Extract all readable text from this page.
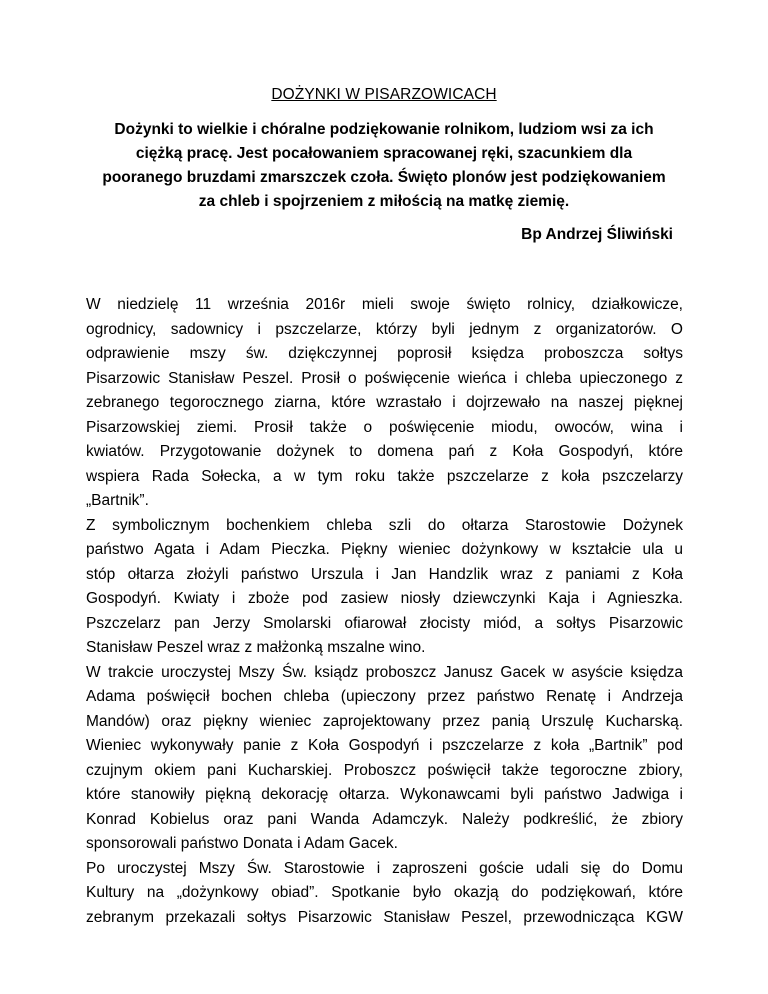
DOŻYNKI W PISARZOWICACH
Dożynki to wielkie i chóralne podziękowanie rolnikom, ludziom wsi za ich
ciężką pracę. Jest pocałowaniem spracowanej ręki, szacunkiem dla
pooranego bruzdami zmarszczek czoła. Święto plonów jest podziękowaniem
za chleb i spojrzeniem z miłością na matkę ziemię.
Bp Andrzej Śliwiński
W niedzielę 11 września 2016r mieli swoje święto rolnicy, działkowicze,
ogrodnicy, sadownicy i pszczelarze, którzy byli jednym z organizatorów. O
odprawienie mszy św. dziękczynnej poprosił księdza proboszcza sołtys
Pisarzowic Stanisław Peszel. Prosił o poświęcenie wieńca i chleba upieczonego z
zebranego tegorocznego ziarna, które wzrastało i dojrzewało na naszej pięknej
Pisarzowskiej ziemi. Prosił także o poświęcenie miodu, owoców, wina i
kwiatów. Przygotowanie dożynek to domena pań z Koła Gospodyń, które
wspiera Rada Sołecka, a w tym roku także pszczelarze z koła pszczelarzy
„Bartnik”.
Z symbolicznym bochenkiem chleba szli do ołtarza Starostowie Dożynek
państwo Agata i Adam Pieczka. Piękny wieniec dożynkowy w kształcie ula u
stóp ołtarza złożyli państwo Urszula i Jan Handzlik wraz z paniami z Koła
Gospodyń. Kwiaty i zboże pod zasiew niosły dziewczynki Kaja i Agnieszka.
Pszczelarz pan Jerzy Smolarski ofiarował złocisty miód, a sołtys Pisarzowic
Stanisław Peszel wraz z małżonką mszalne wino.
W trakcie uroczystej Mszy Św. ksiądz proboszcz Janusz Gacek w asyście księdza
Adama poświęcił bochen chleba (upieczony przez państwo Renatę i Andrzeja
Mandów) oraz piękny wieniec zaprojektowany przez panią Urszulę Kucharską.
Wieniec wykonywały panie z Koła Gospodyń i pszczelarze z koła „Bartnik” pod
czujnym okiem pani Kucharskiej. Proboszcz poświęcił także tegoroczne zbiory,
które stanowiły piękną dekorację ołtarza. Wykonawcami byli państwo Jadwiga i
Konrad Kobielus oraz pani Wanda Adamczyk. Należy podkreślić, że zbiory
sponsorowali państwo Donata i Adam Gacek.
Po uroczystej Mszy Św. Starostowie i zaproszeni goście udali się do Domu
Kultury na „dożynkowy obiad”. Spotkanie było okazją do podziękowań, które
zebranym przekazali sołtys Pisarzowic Stanisław Peszel, przewodnicząca KGW
